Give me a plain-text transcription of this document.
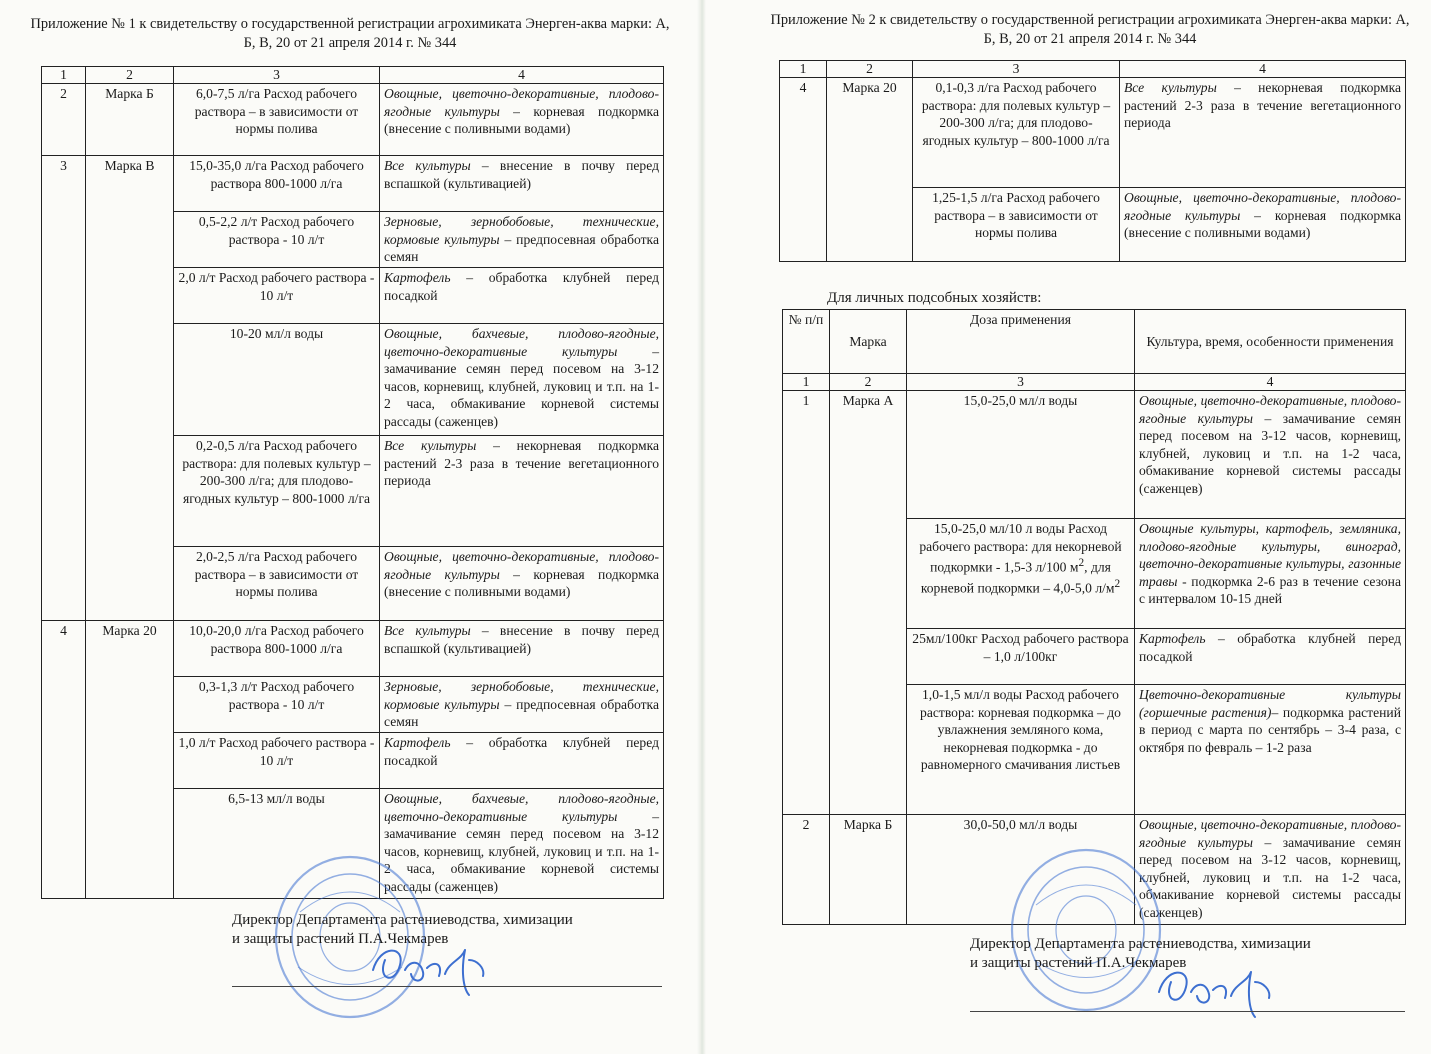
Приложение № 1 к свидетельству о государственной регистрации агрохимиката Энерген-аква марки: А, Б, В, 20 от 21 апреля 2014 г. № 344

1	2	3	4
2	Марка Б	6,0-7,5 л/га Расход рабочего раствора – в зависимости от нормы полива	Овощные, цветочно-декоративные, плодово-ягодные культуры – корневая подкормка (внесение с поливными водами)
3	Марка В	15,0-35,0 л/га Расход рабочего раствора 800-1000 л/га	Все культуры – внесение в почву перед вспашкой (культивацией)
		0,5-2,2 л/т Расход рабочего раствора - 10 л/т	Зерновые, зернобобовые, технические, кормовые культуры – предпосевная обработка семян
		2,0 л/т Расход рабочего раствора - 10 л/т	Картофель – обработка клубней перед посадкой
		10-20 мл/л воды	Овощные, бахчевые, плодово-ягодные, цветочно-декоративные культуры – замачивание семян перед посевом на 3-12 часов, корневищ, клубней, луковиц и т.п. на 1-2 часа, обмакивание корневой системы рассады (саженцев)
		0,2-0,5 л/га Расход рабочего раствора: для полевых культур – 200-300 л/га; для плодово-ягодных культур – 800-1000 л/га	Все культуры – некорневая подкормка растений 2-3 раза в течение вегетационного периода
		2,0-2,5 л/га Расход рабочего раствора – в зависимости от нормы полива	Овощные, цветочно-декоративные, плодово-ягодные культуры – корневая подкормка (внесение с поливными водами)
4	Марка 20	10,0-20,0 л/га Расход рабочего раствора 800-1000 л/га	Все культуры – внесение в почву перед вспашкой (культивацией)
		0,3-1,3 л/т Расход рабочего раствора - 10 л/т	Зерновые, зернобобовые, технические, кормовые культуры – предпосевная обработка семян
		1,0 л/т Расход рабочего раствора - 10 л/т	Картофель – обработка клубней перед посадкой
		6,5-13 мл/л воды	Овощные, бахчевые, плодово-ягодные, цветочно-декоративные культуры – замачивание семян перед посевом на 3-12 часов, корневищ, клубней, луковиц и т.п. на 1-2 часа, обмакивание корневой системы рассады (саженцев)
Директор Департамента растениеводства, химизации
и защиты растений П.А.Чекмарев

Приложение № 2 к свидетельству о государственной регистрации агрохимиката Энерген-аква марки: А, Б, В, 20 от 21 апреля 2014 г. № 344

1	2	3	4
4	Марка 20	0,1-0,3 л/га Расход рабочего раствора: для полевых культур – 200-300 л/га; для плодово-ягодных культур – 800-1000 л/га	Все культуры – некорневая подкормка растений 2-3 раза в течение вегетационного периода
		1,25-1,5 л/га Расход рабочего раствора – в зависимости от нормы полива	Овощные, цветочно-декоративные, плодово-ягодные культуры – корневая подкормка (внесение с поливными водами)
Для личных подсобных хозяйств:
№ п/п	Марка	Доза применения	Культура, время, особенности применения
1	2	3	4
1	Марка А	15,0-25,0 мл/л воды	Овощные, цветочно-декоративные, плодово-ягодные культуры – замачивание семян перед посевом на 3-12 часов, корневищ, клубней, луковиц и т.п. на 1-2 часа, обмакивание корневой системы рассады (саженцев)
		15,0-25,0 мл/10 л воды Расход рабочего раствора: для некорневой подкормки - 1,5-3 л/100 $м^2$, для корневой подкормки – 4,0-5,0 $л/м^2$	Овощные культуры, картофель, земляника, плодово-ягодные культуры, виноград, цветочно-декоративные культуры, газонные травы - подкормка 2-6 раз в течение сезона с интервалом 10-15 дней
		25мл/100кг Расход рабочего раствора – 1,0 л/100кг	Картофель – обработка клубней перед посадкой
		1,0-1,5 мл/л воды Расход рабочего раствора: корневая подкормка – до увлажнения земляного кома, некорневая подкормка - до равномерного смачивания листьев	Цветочно-декоративные культуры (горшечные растения)– подкормка растений в период с марта по сентябрь – 3-4 раза, с октября по февраль – 1-2 раза
2	Марка Б	30,0-50,0 мл/л воды	Овощные, цветочно-декоративные, плодово-ягодные культуры – замачивание семян перед посевом на 3-12 часов, корневищ, клубней, луковиц и т.п. на 1-2 часа, обмакивание корневой системы рассады (саженцев)
Директор Департамента растениеводства, химизации
и защиты растений П.А.Чекмарев
